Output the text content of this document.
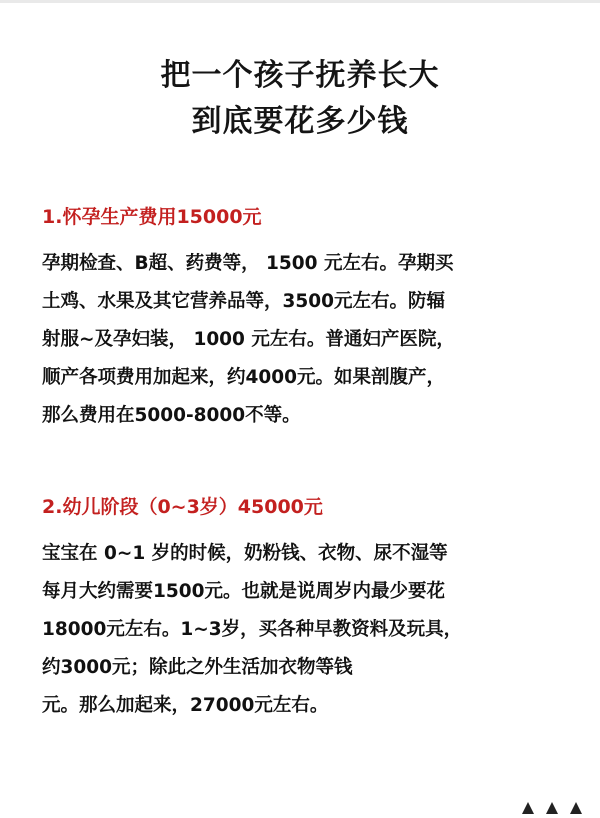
把一个孩子抚养长大
到底要花多少钱
1.怀孕生产费用15000元
孕期检查、B超、药费等， 1500 元左右。孕期买
土鸡、水果及其它营养品等，3500元左右。防辐
射服~及孕妇装， 1000 元左右。普通妇产医院，
顺产各项费用加起来，约4000元。如果剖腹产，
那么费用在5000-8000不等。
2.幼儿阶段（0~3岁）45000元
宝宝在 0~1 岁的时候，奶粉钱、衣物、尿不湿等
每月大约需要1500元。也就是说周岁内最少要花
18000元左右。1~3岁，买各种早教资料及玩具，
约3000元；除此之外生活加衣物等钱
元。那么加起来，27000元左右。
